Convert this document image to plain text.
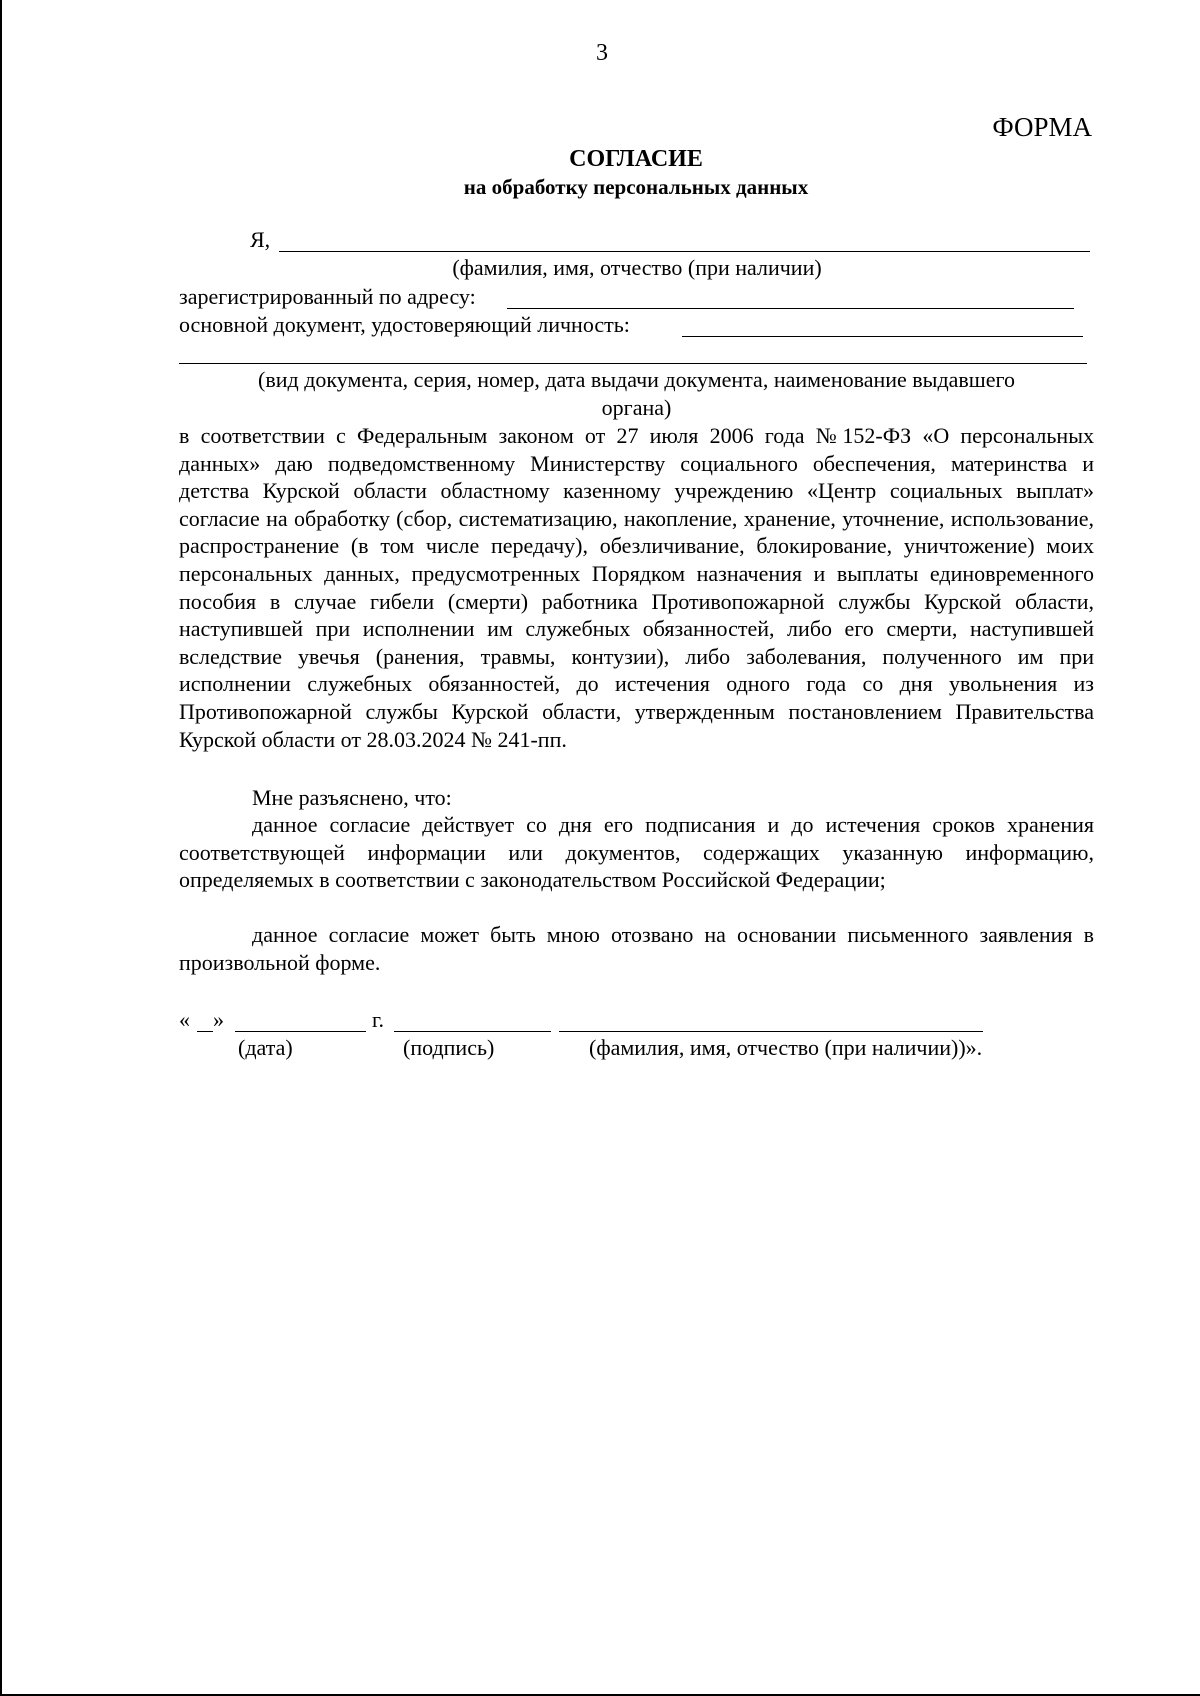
3
ФОРМА
СОГЛАСИЕ
на обработку персональных данных
Я,
(фамилия, имя, отчество (при наличии)
зарегистрированный по адресу:
основной документ, удостоверяющий личность:
(вид документа, серия, номер, дата выдачи документа, наименование выдавшего
органа)
в соответствии с Федеральным законом от 27 июля 2006 года №152-ФЗ «О персональных данных» даю подведомственному Министерству социального обеспечения, материнства и детства Курской области областному казенному учреждению «Центр социальных выплат» согласие на обработку (сбор, систематизацию, накопление, хранение, уточнение, использование, распространение (в том числе передачу), обезличивание, блокирование, уничтожение) моих персональных данных, предусмотренных Порядком назначения и выплаты единовременного пособия в случае гибели (смерти) работника Противопожарной службы Курской области, наступившей при исполнении им служебных обязанностей, либо его смерти, наступившей вследствие увечья (ранения, травмы, контузии), либо заболевания, полученного им при исполнении служебных обязанностей, до истечения одного года со дня увольнения из Противопожарной службы Курской области, утвержденным постановлением Правительства Курской области от 28.03.2024 № 241-пп.
Мне разъяснено, что:
данное согласие действует со дня его подписания и до истечения сроков хранения соответствующей информации или документов, содержащих указанную информацию, определяемых в соответствии с законодательством Российской Федерации;
данное согласие может быть мною отозвано на основании письменного заявления в произвольной форме.
« »	г.
(дата)	(подпись)	(фамилия, имя, отчество (при наличии))».
